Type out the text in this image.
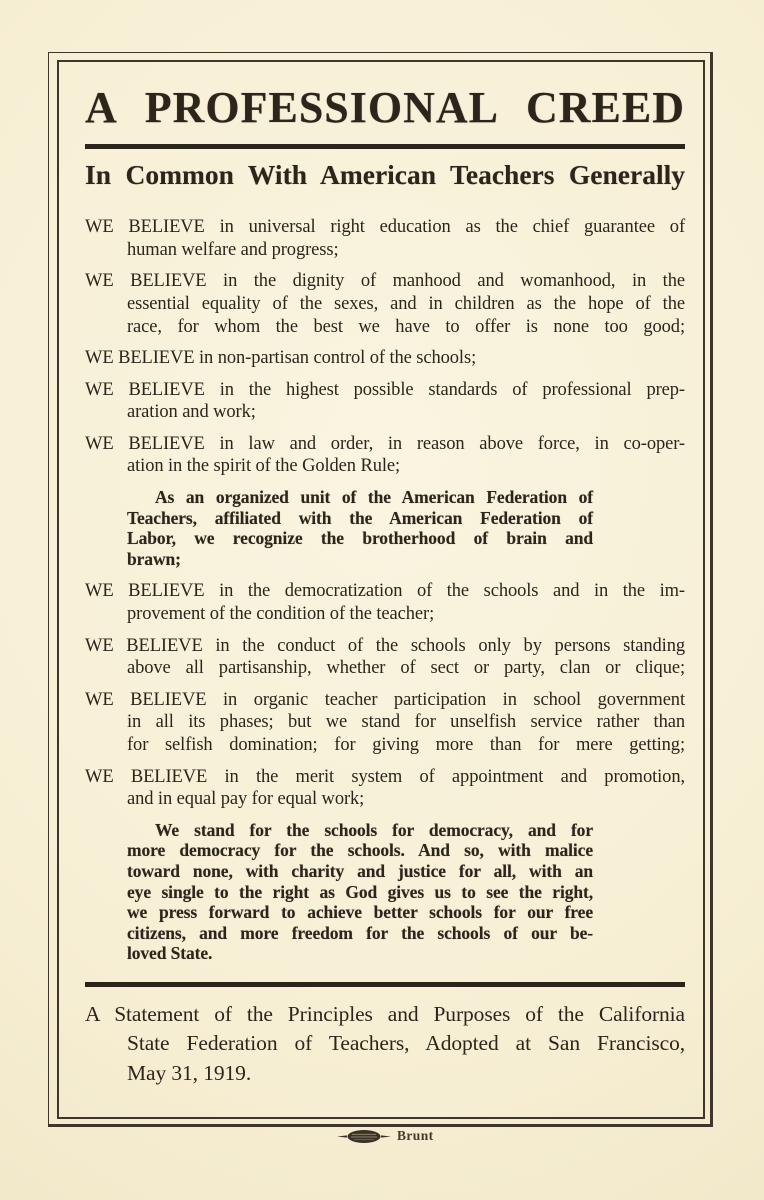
A PROFESSIONAL CREED
In Common With American Teachers Generally
WE BELIEVE in universal right education as the chief guarantee of
human welfare and progress;
WE BELIEVE in the dignity of manhood and womanhood, in the
essential equality of the sexes, and in children as the hope of the
race, for whom the best we have to offer is none too good;
WE BELIEVE in non-partisan control of the schools;
WE BELIEVE in the highest possible standards of professional prep-
aration and work;
WE BELIEVE in law and order, in reason above force, in co-oper-
ation in the spirit of the Golden Rule;
As an organized unit of the American Federation of
Teachers, affiliated with the American Federation of
Labor, we recognize the brotherhood of brain and
brawn;
WE BELIEVE in the democratization of the schools and in the im-
provement of the condition of the teacher;
WE BELIEVE in the conduct of the schools only by persons standing
above all partisanship, whether of sect or party, clan or clique;
WE BELIEVE in organic teacher participation in school government
in all its phases; but we stand for unselfish service rather than
for selfish domination; for giving more than for mere getting;
WE BELIEVE in the merit system of appointment and promotion,
and in equal pay for equal work;
We stand for the schools for democracy, and for
more democracy for the schools. And so, with malice
toward none, with charity and justice for all, with an
eye single to the right as God gives us to see the right,
we press forward to achieve better schools for our free
citizens, and more freedom for the schools of our be-
loved State.
A Statement of the Principles and Purposes of the California
State Federation of Teachers, Adopted at San Francisco,
May 31, 1919.
Brunt
